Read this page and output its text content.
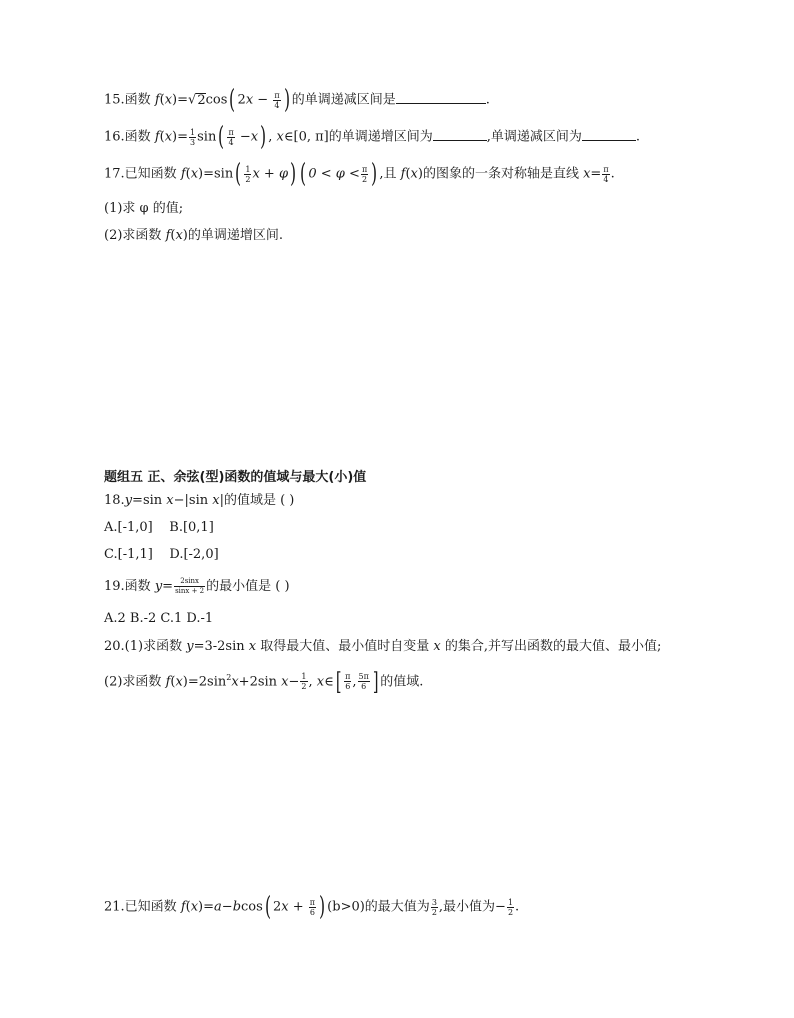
15.函数 f(x)=√2cos( $2x - \frac{\pi}{4}$ ) 的单调递减区间是	.
16.函数 $f(x)= \frac{1}{3} \sin( \frac{\pi}{4} -x)$ , x∈[0, π]的单调递增区间为	,单调递减区间为	.
17.已知函数 $f(x)=\sin( \frac{1}{2}$ x + φ) ( $0 < \varphi < \frac{\pi}{2}$ ) ,且 f(x)的图象的一条对称轴是直线 $x= \frac{\pi}{4}$ .
(1)求 φ 的值;
(2)求函数 f(x)的单调递增区间.
题组五 正、余弦(型)函数的值域与最大(小)值
18.y=sin x−|sin x|的值域是 ( )
A.[-1,0] B.[0,1]
C.[-1,1] D.[-2,0]
19.函数 $y= \frac{2\sin x}{\sin x + 2}$ 的最小值是 ( )
A.2 B.-2 C.1 D.-1
20.(1)求函数 y=3-2sin x 取得最大值、最小值时自变量 x 的集合,并写出函数的最大值、最小值;
(2)求函数 $f(x)=2\sin^2x+2\sin$ $x- \frac{1}{2}$ , x∈[ $\frac{\pi}{6}$ , $\frac{5\pi}{6}$ ] 的值域.
21.已知函数 f(x)=a−bcos( $2x + \frac{\pi}{6}$ ) (b>0)的最大值为 $\frac{3}{2}$ ,最小值为− $\frac{1}{2}$ .
